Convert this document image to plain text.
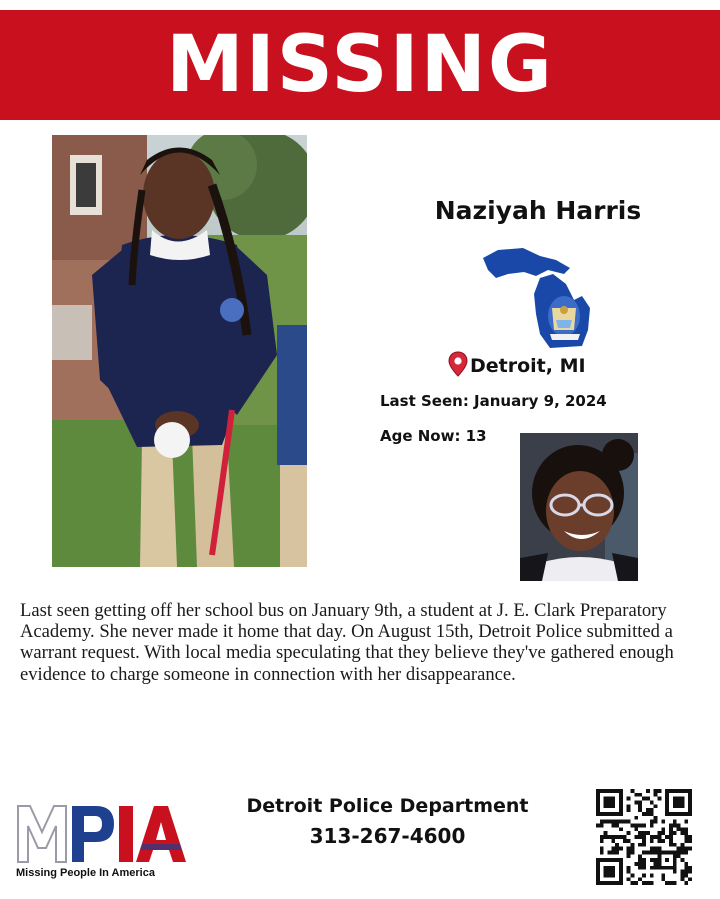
MISSING
Naziyah Harris
Detroit, MI
Last Seen: January 9, 2024
Age Now: 13

Last seen getting off her school bus on January 9th, a student at J. E. Clark Preparatory Academy. She never made it home that day. On August 15th, Detroit Police submitted a warrant request. With local media speculating that they believe they've gathered enough evidence to charge someone in connection with her disappearance.

Missing People In America
Detroit Police Department
313-267-4600
